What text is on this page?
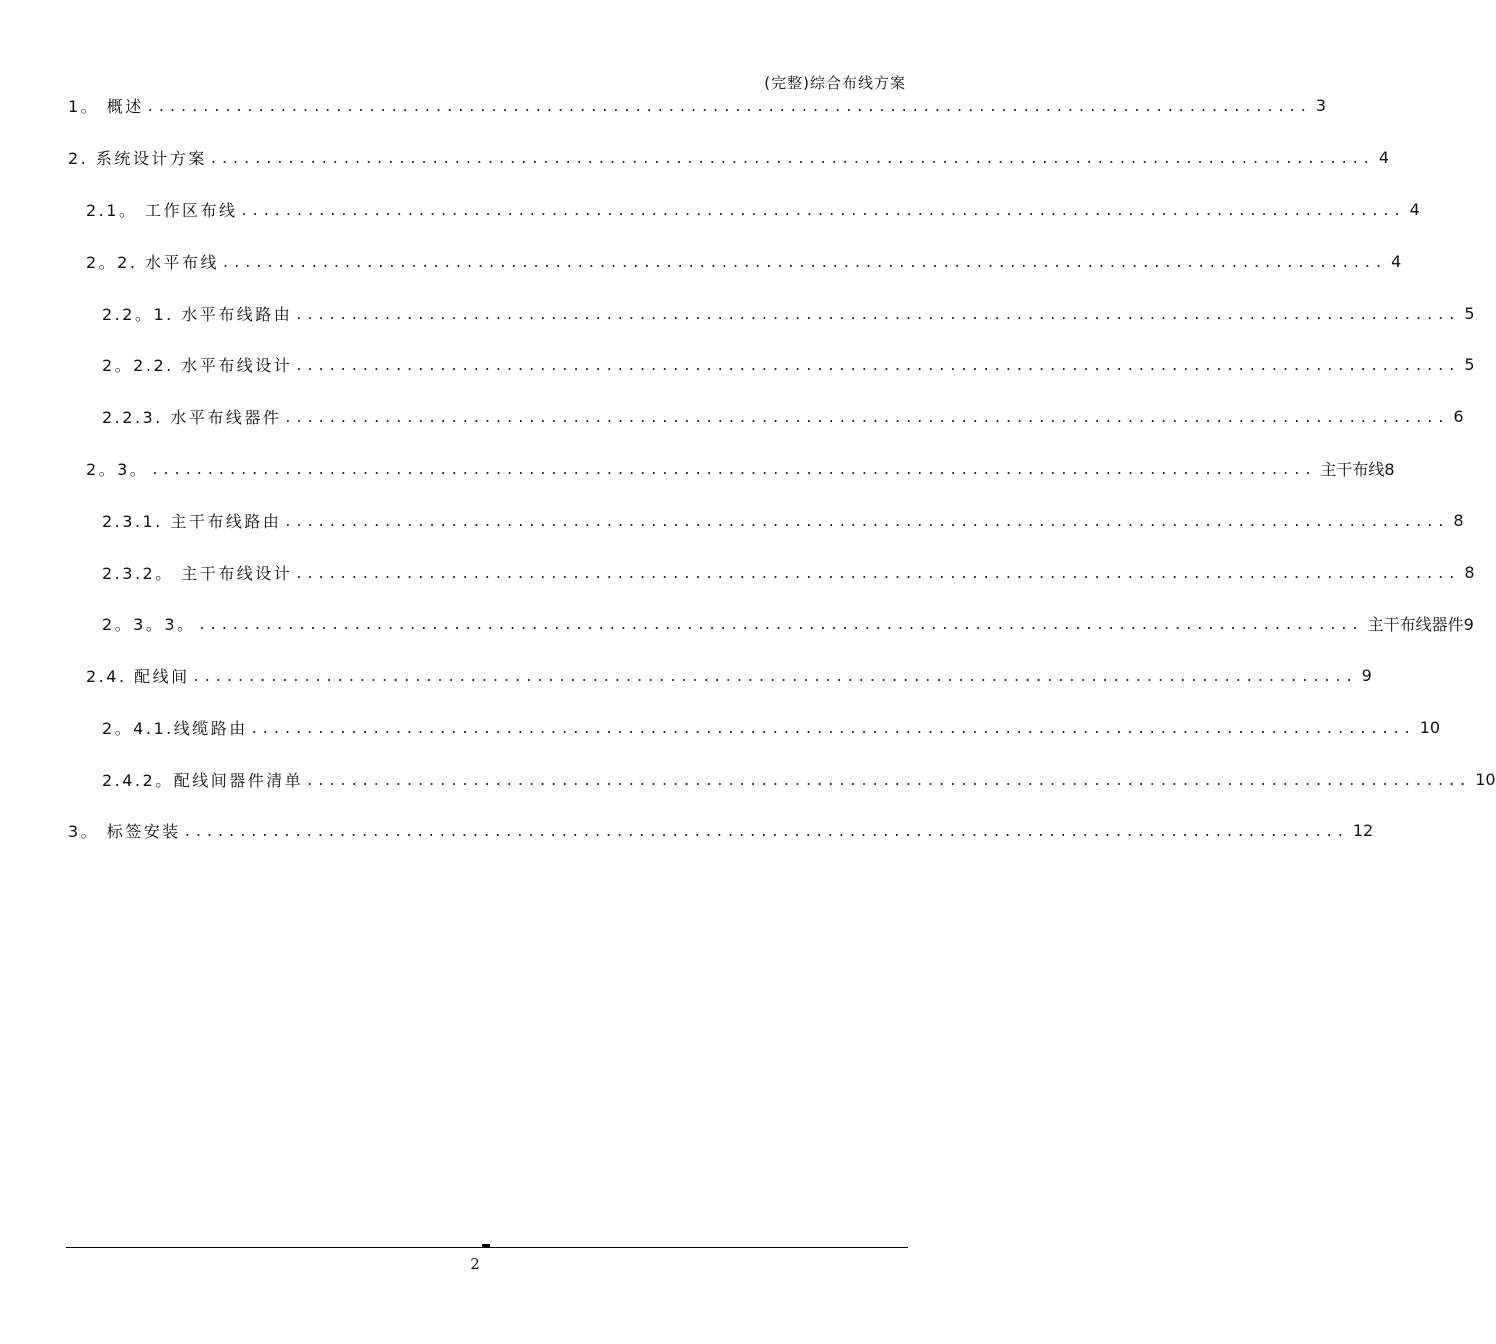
(完整)综合布线方案
1。 概述 ......................................................................................................... 3
2. 系统设计方案 ......................................................................................................... 4
2.1。 工作区布线 ......................................................................................................... 4
2。2. 水平布线 ......................................................................................................... 4
2.2。1. 水平布线路由 ......................................................................................................... 5
2。2.2. 水平布线设计 ......................................................................................................... 5
2.2.3. 水平布线器件 ......................................................................................................... 6
2。3。 ......................................................................................................... 主干布线8
2.3.1. 主干布线路由 ......................................................................................................... 8
2.3.2。 主干布线设计 ......................................................................................................... 8
2。3。3。 ......................................................................................................... 主干布线器件9
2.4. 配线间 ......................................................................................................... 9
2。4.1.线缆路由 ......................................................................................................... 10
2.4.2。配线间器件清单 ......................................................................................................... 10
3。 标签安装 ......................................................................................................... 12
2
